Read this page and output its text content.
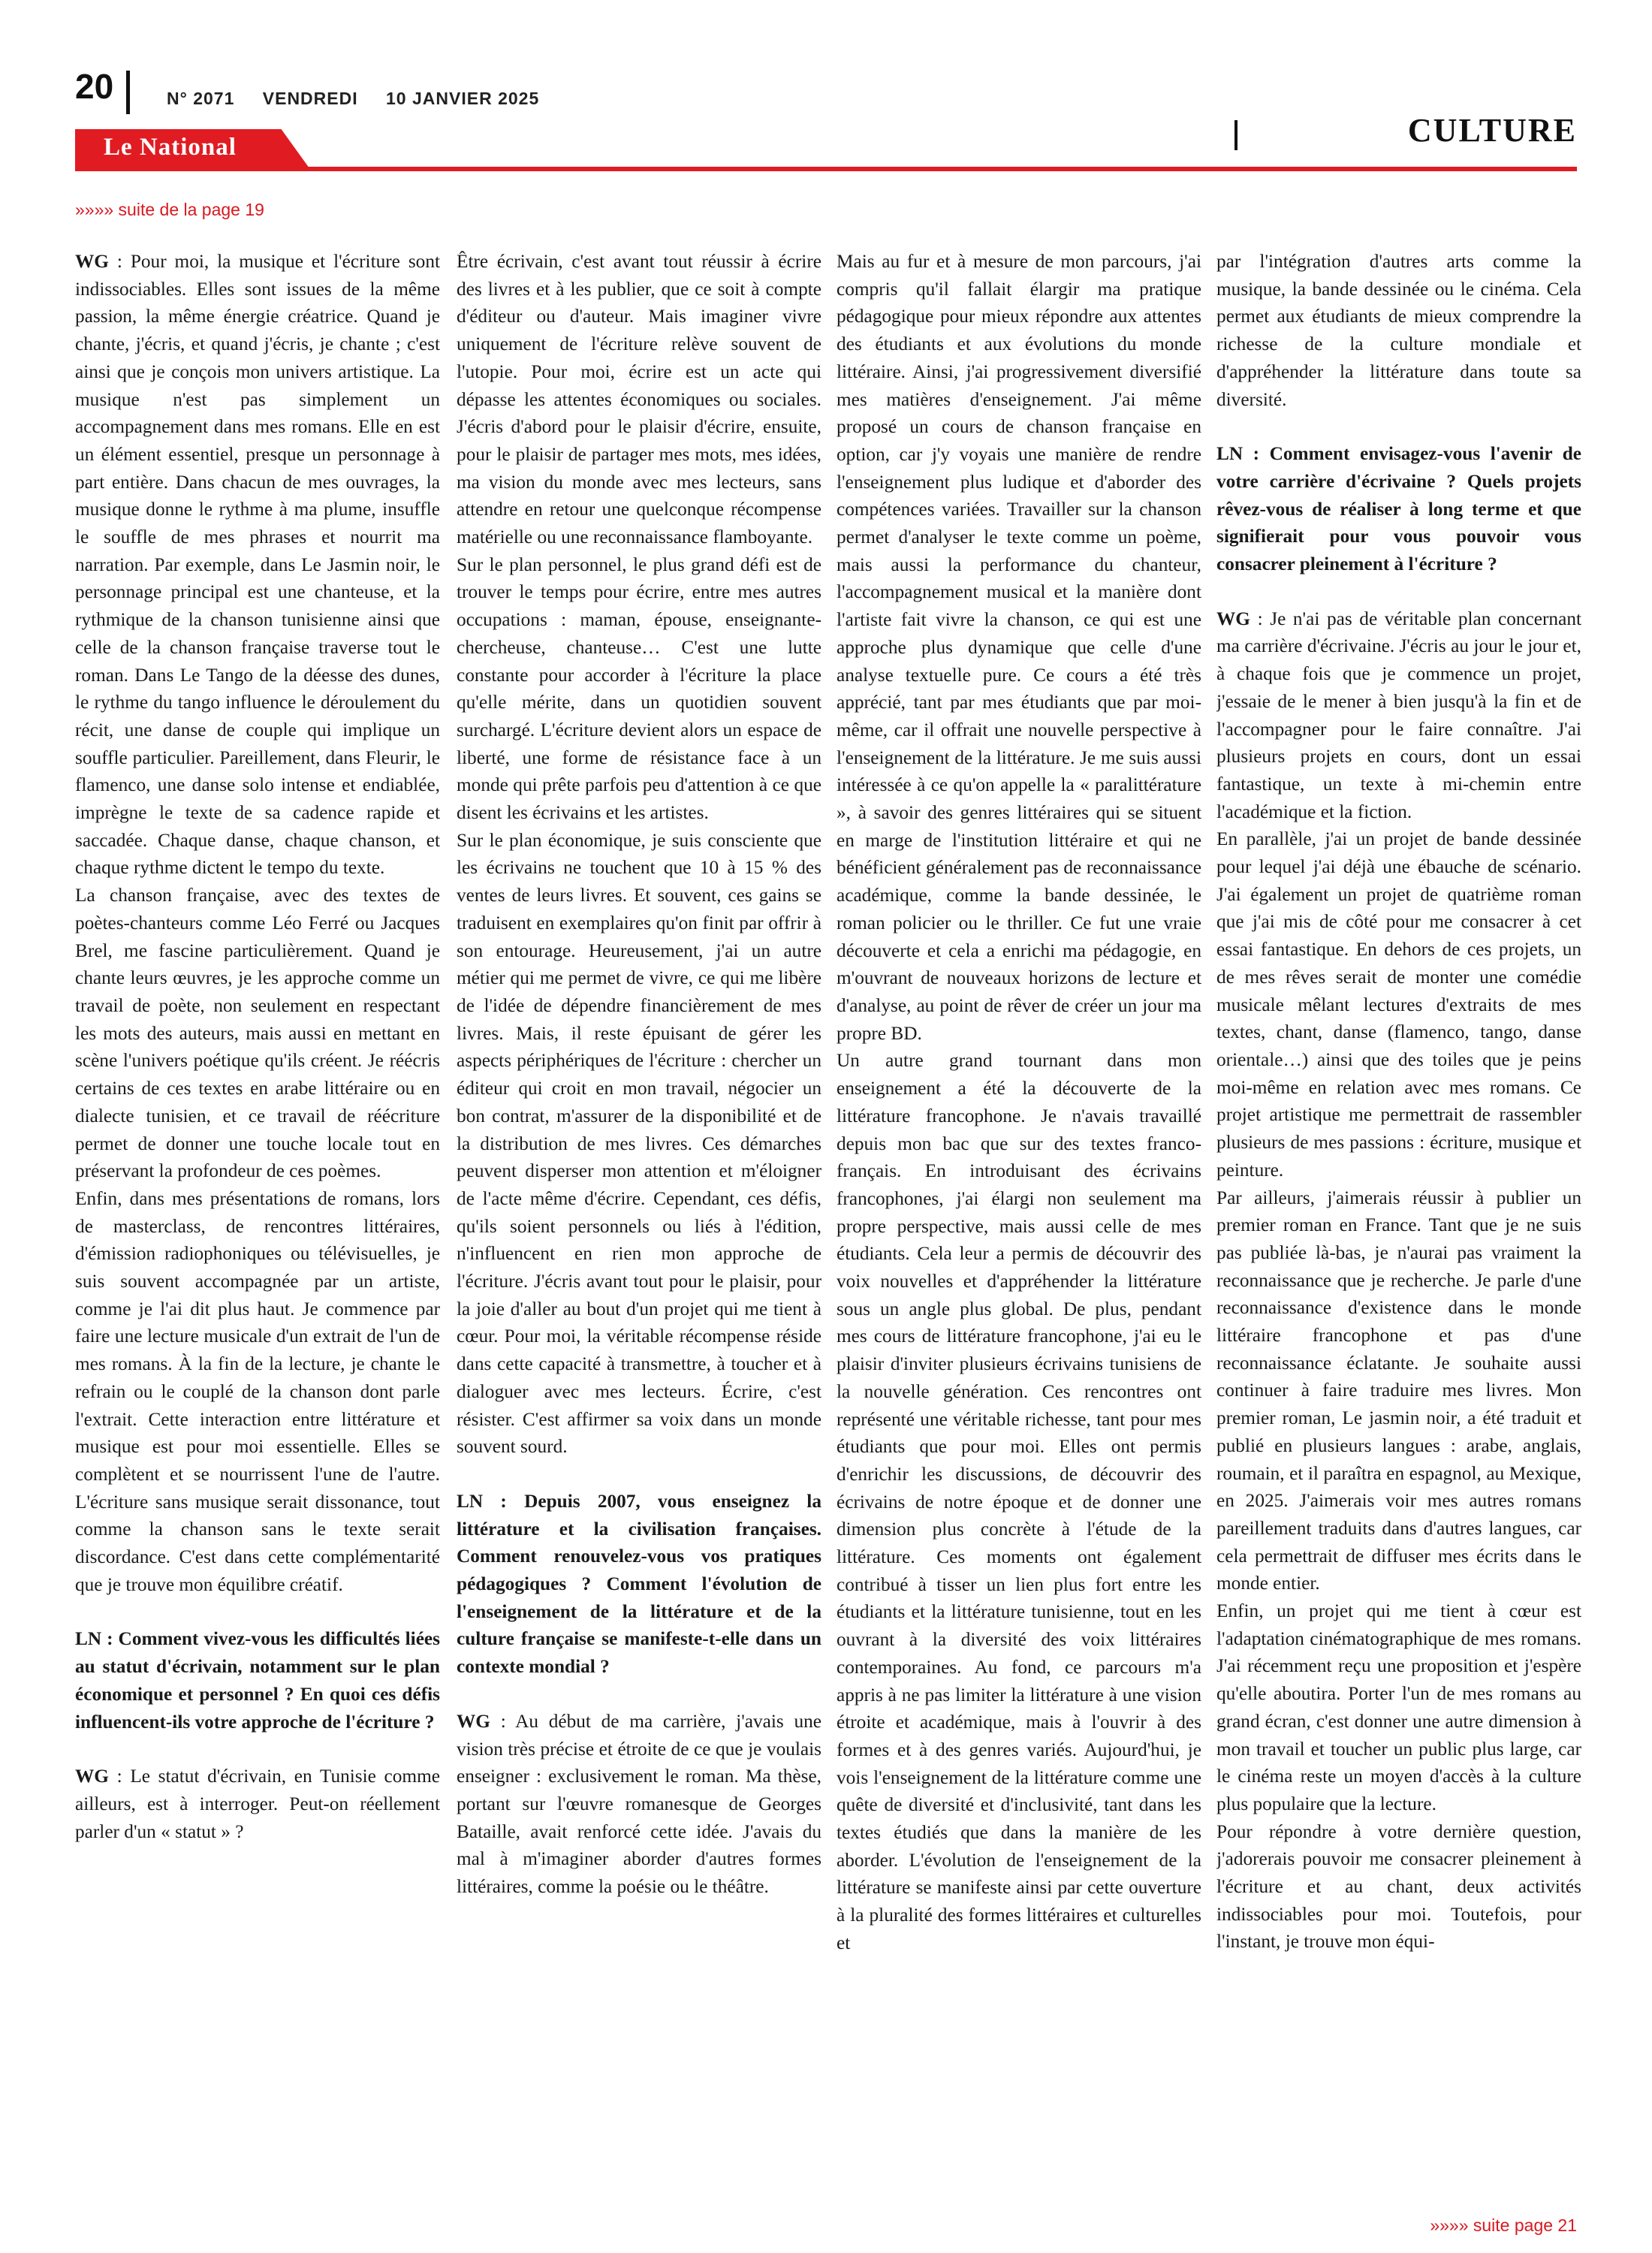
20	N° 2071 VENDREDI 10 JANVIER 2025
Le National	CULTURE
»»»» suite de la page 19

WG : Pour moi, la musique et l'écriture sont indissociables. Elles sont issues de la même passion, la même énergie créatrice. Quand je chante, j'écris, et quand j'écris, je chante ; c'est ainsi que je conçois mon univers artistique. La musique n'est pas simplement un accompagnement dans mes romans. Elle en est un élément essentiel, presque un personnage à part entière. Dans chacun de mes ouvrages, la musique donne le rythme à ma plume, insuffle le souffle de mes phrases et nourrit ma narration. Par exemple, dans Le Jasmin noir, le personnage principal est une chanteuse, et la rythmique de la chanson tunisienne ainsi que celle de la chanson française traverse tout le roman. Dans Le Tango de la déesse des dunes, le rythme du tango influence le déroulement du récit, une danse de couple qui implique un souffle particulier. Pareillement, dans Fleurir, le flamenco, une danse solo intense et endiablée, imprègne le texte de sa cadence rapide et saccadée. Chaque danse, chaque chanson, et chaque rythme dictent le tempo du texte.

La chanson française, avec des textes de poètes-chanteurs comme Léo Ferré ou Jacques Brel, me fascine particulièrement. Quand je chante leurs œuvres, je les approche comme un travail de poète, non seulement en respectant les mots des auteurs, mais aussi en mettant en scène l'univers poétique qu'ils créent. Je réécris certains de ces textes en arabe littéraire ou en dialecte tunisien, et ce travail de réécriture permet de donner une touche locale tout en préservant la profondeur de ces poèmes.

Enfin, dans mes présentations de romans, lors de masterclass, de rencontres littéraires, d'émission radiophoniques ou télévisuelles, je suis souvent accompagnée par un artiste, comme je l'ai dit plus haut. Je commence par faire une lecture musicale d'un extrait de l'un de mes romans. À la fin de la lecture, je chante le refrain ou le couplé de la chanson dont parle l'extrait. Cette interaction entre littérature et musique est pour moi essentielle. Elles se complètent et se nourrissent l'une de l'autre. L'écriture sans musique serait dissonance, tout comme la chanson sans le texte serait discordance. C'est dans cette complémentarité que je trouve mon équilibre créatif.

LN : Comment vivez-vous les difficultés liées au statut d'écrivain, notamment sur le plan économique et personnel ? En quoi ces défis influencent-ils votre approche de l'écriture ?

WG : Le statut d'écrivain, en Tunisie comme ailleurs, est à interroger. Peut-on réellement parler d'un « statut » ?

Être écrivain, c'est avant tout réussir à écrire des livres et à les publier, que ce soit à compte d'éditeur ou d'auteur. Mais imaginer vivre uniquement de l'écriture relève souvent de l'utopie. Pour moi, écrire est un acte qui dépasse les attentes économiques ou sociales. J'écris d'abord pour le plaisir d'écrire, ensuite, pour le plaisir de partager mes mots, mes idées, ma vision du monde avec mes lecteurs, sans attendre en retour une quelconque récompense matérielle ou une reconnaissance flamboyante.

Sur le plan personnel, le plus grand défi est de trouver le temps pour écrire, entre mes autres occupations : maman, épouse, enseignante-chercheuse, chanteuse… C'est une lutte constante pour accorder à l'écriture la place qu'elle mérite, dans un quotidien souvent surchargé. L'écriture devient alors un espace de liberté, une forme de résistance face à un monde qui prête parfois peu d'attention à ce que disent les écrivains et les artistes.

Sur le plan économique, je suis consciente que les écrivains ne touchent que 10 à 15 % des ventes de leurs livres. Et souvent, ces gains se traduisent en exemplaires qu'on finit par offrir à son entourage. Heureusement, j'ai un autre métier qui me permet de vivre, ce qui me libère de l'idée de dépendre financièrement de mes livres. Mais, il reste épuisant de gérer les aspects périphériques de l'écriture : chercher un éditeur qui croit en mon travail, négocier un bon contrat, m'assurer de la disponibilité et de la distribution de mes livres. Ces démarches peuvent disperser mon attention et m'éloigner de l'acte même d'écrire. Cependant, ces défis, qu'ils soient personnels ou liés à l'édition, n'influencent en rien mon approche de l'écriture. J'écris avant tout pour le plaisir, pour la joie d'aller au bout d'un projet qui me tient à cœur. Pour moi, la véritable récompense réside dans cette capacité à transmettre, à toucher et à dialoguer avec mes lecteurs. Écrire, c'est résister. C'est affirmer sa voix dans un monde souvent sourd.

LN : Depuis 2007, vous enseignez la littérature et la civilisation françaises. Comment renouvelez-vous vos pratiques pédagogiques ? Comment l'évolution de l'enseignement de la littérature et de la culture française se manifeste-t-elle dans un contexte mondial ?

WG : Au début de ma carrière, j'avais une vision très précise et étroite de ce que je voulais enseigner : exclusivement le roman. Ma thèse, portant sur l'œuvre romanesque de Georges Bataille, avait renforcé cette idée. J'avais du mal à m'imaginer aborder d'autres formes littéraires, comme la poésie ou le théâtre.

Mais au fur et à mesure de mon parcours, j'ai compris qu'il fallait élargir ma pratique pédagogique pour mieux répondre aux attentes des étudiants et aux évolutions du monde littéraire. Ainsi, j'ai progressivement diversifié mes matières d'enseignement. J'ai même proposé un cours de chanson française en option, car j'y voyais une manière de rendre l'enseignement plus ludique et d'aborder des compétences variées. Travailler sur la chanson permet d'analyser le texte comme un poème, mais aussi la performance du chanteur, l'accompagnement musical et la manière dont l'artiste fait vivre la chanson, ce qui est une approche plus dynamique que celle d'une analyse textuelle pure. Ce cours a été très apprécié, tant par mes étudiants que par moi-même, car il offrait une nouvelle perspective à l'enseignement de la littérature. Je me suis aussi intéressée à ce qu'on appelle la « paralittérature », à savoir des genres littéraires qui se situent en marge de l'institution littéraire et qui ne bénéficient généralement pas de reconnaissance académique, comme la bande dessinée, le roman policier ou le thriller. Ce fut une vraie découverte et cela a enrichi ma pédagogie, en m'ouvrant de nouveaux horizons de lecture et d'analyse, au point de rêver de créer un jour ma propre BD.

Un autre grand tournant dans mon enseignement a été la découverte de la littérature francophone. Je n'avais travaillé depuis mon bac que sur des textes franco-français. En introduisant des écrivains francophones, j'ai élargi non seulement ma propre perspective, mais aussi celle de mes étudiants. Cela leur a permis de découvrir des voix nouvelles et d'appréhender la littérature sous un angle plus global. De plus, pendant mes cours de littérature francophone, j'ai eu le plaisir d'inviter plusieurs écrivains tunisiens de la nouvelle génération. Ces rencontres ont représenté une véritable richesse, tant pour mes étudiants que pour moi. Elles ont permis d'enrichir les discussions, de découvrir des écrivains de notre époque et de donner une dimension plus concrète à l'étude de la littérature. Ces moments ont également contribué à tisser un lien plus fort entre les étudiants et la littérature tunisienne, tout en les ouvrant à la diversité des voix littéraires contemporaines. Au fond, ce parcours m'a appris à ne pas limiter la littérature à une vision étroite et académique, mais à l'ouvrir à des formes et à des genres variés. Aujourd'hui, je vois l'enseignement de la littérature comme une quête de diversité et d'inclusivité, tant dans les textes étudiés que dans la manière de les aborder. L'évolution de l'enseignement de la littérature se manifeste ainsi par cette ouverture à la pluralité des formes littéraires et culturelles et

par l'intégration d'autres arts comme la musique, la bande dessinée ou le cinéma. Cela permet aux étudiants de mieux comprendre la richesse de la culture mondiale et d'appréhender la littérature dans toute sa diversité.

LN : Comment envisagez-vous l'avenir de votre carrière d'écrivaine ? Quels projets rêvez-vous de réaliser à long terme et que signifierait pour vous pouvoir vous consacrer pleinement à l'écriture ?

WG : Je n'ai pas de véritable plan concernant ma carrière d'écrivaine. J'écris au jour le jour et, à chaque fois que je commence un projet, j'essaie de le mener à bien jusqu'à la fin et de l'accompagner pour le faire connaître. J'ai plusieurs projets en cours, dont un essai fantastique, un texte à mi-chemin entre l'académique et la fiction.

En parallèle, j'ai un projet de bande dessinée pour lequel j'ai déjà une ébauche de scénario. J'ai également un projet de quatrième roman que j'ai mis de côté pour me consacrer à cet essai fantastique. En dehors de ces projets, un de mes rêves serait de monter une comédie musicale mêlant lectures d'extraits de mes textes, chant, danse (flamenco, tango, danse orientale…) ainsi que des toiles que je peins moi-même en relation avec mes romans. Ce projet artistique me permettrait de rassembler plusieurs de mes passions : écriture, musique et peinture.

Par ailleurs, j'aimerais réussir à publier un premier roman en France. Tant que je ne suis pas publiée là-bas, je n'aurai pas vraiment la reconnaissance que je recherche. Je parle d'une reconnaissance d'existence dans le monde littéraire francophone et pas d'une reconnaissance éclatante. Je souhaite aussi continuer à faire traduire mes livres. Mon premier roman, Le jasmin noir, a été traduit et publié en plusieurs langues : arabe, anglais, roumain, et il paraîtra en espagnol, au Mexique, en 2025. J'aimerais voir mes autres romans pareillement traduits dans d'autres langues, car cela permettrait de diffuser mes écrits dans le monde entier.

Enfin, un projet qui me tient à cœur est l'adaptation cinématographique de mes romans. J'ai récemment reçu une proposition et j'espère qu'elle aboutira. Porter l'un de mes romans au grand écran, c'est donner une autre dimension à mon travail et toucher un public plus large, car le cinéma reste un moyen d'accès à la culture plus populaire que la lecture.

Pour répondre à votre dernière question, j'adorerais pouvoir me consacrer pleinement à l'écriture et au chant, deux activités indissociables pour moi. Toutefois, pour l'instant, je trouve mon équi-

»»»» suite page 21
